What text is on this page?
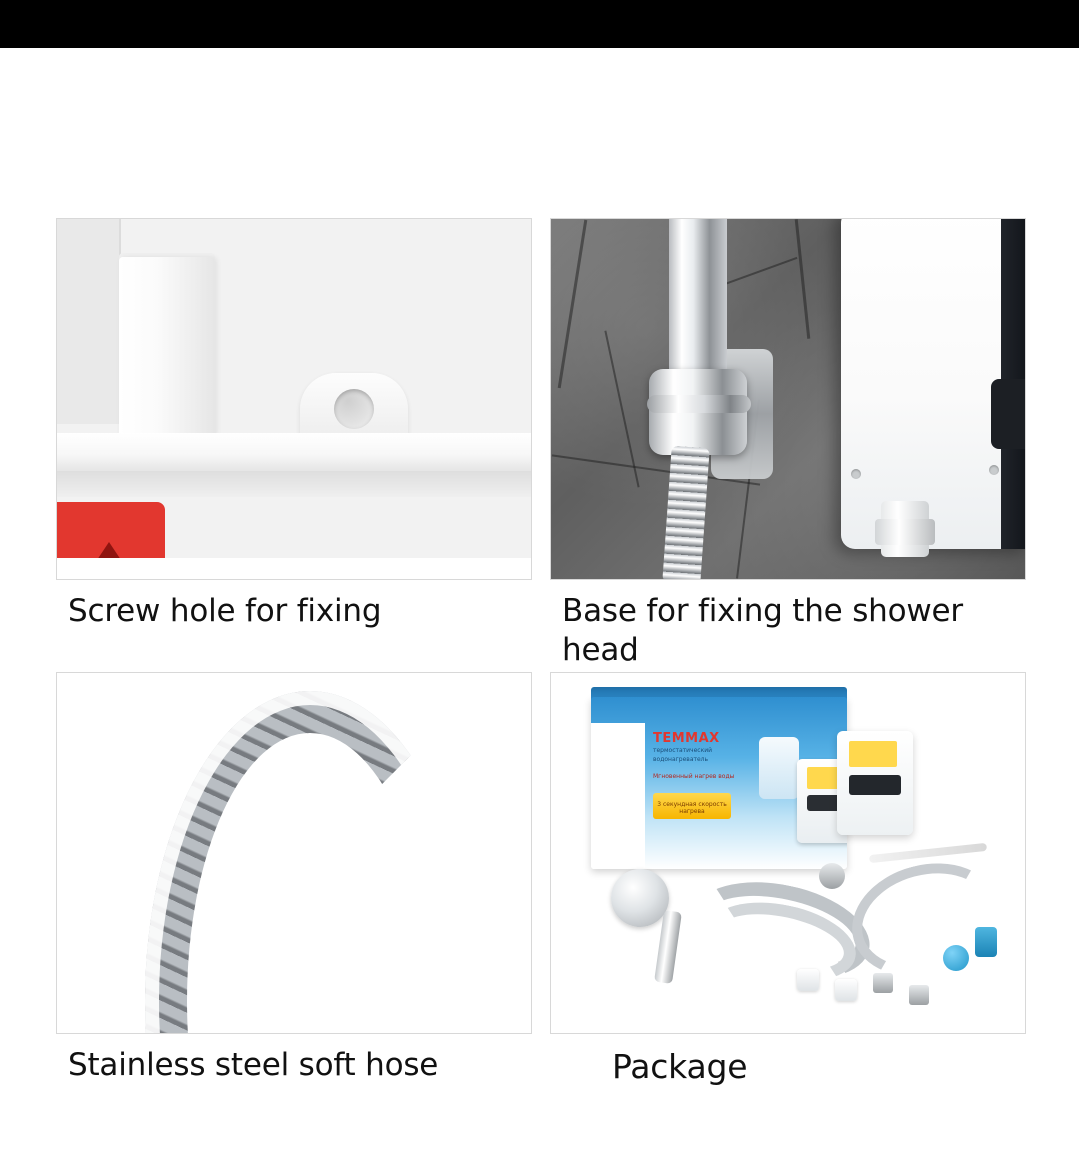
Screw hole for fixing	Base for fixing the shower head
Stainless steel soft hose
TEMMAX
термостатический водонагреватель
Мгновенный нагрев воды
3 секундная скорость нагрева
Package
